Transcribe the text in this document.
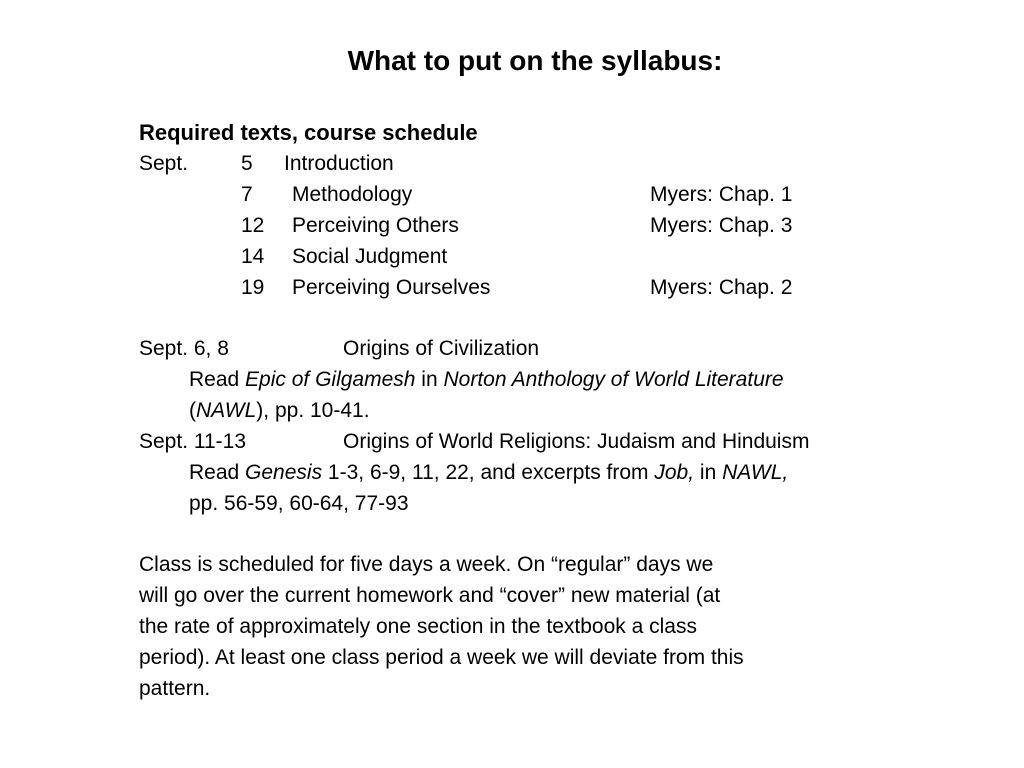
What to put on the syllabus:
Required texts, course schedule
Sept.	5 Introduction
7 Methodology	Myers: Chap. 1
12 Perceiving Others	Myers: Chap. 3
14 Social Judgment
19 Perceiving Ourselves	Myers: Chap. 2
Sept. 6, 8	Origins of Civilization
Read Epic of Gilgamesh in Norton Anthology of World Literature
(NAWL), pp. 10-41.
Sept. 11-13	Origins of World Religions: Judaism and Hinduism
Read Genesis 1-3, 6-9, 11, 22, and excerpts from Job, in NAWL,
pp. 56-59, 60-64, 77-93
Class is scheduled for five days a week. On “regular” days we
will go over the current homework and “cover” new material (at
the rate of approximately one section in the textbook a class
period). At least one class period a week we will deviate from this
pattern.
